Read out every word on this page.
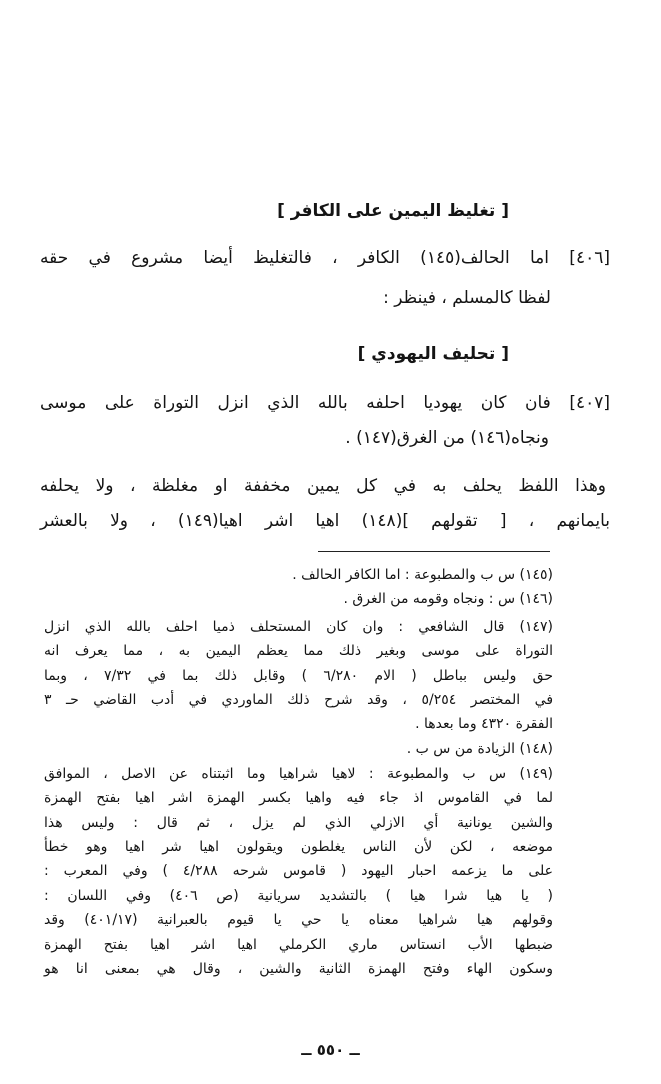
[ تغليظ اليمين على الكافر ]
[٤٠٦] اما الحالف(١٤٥) الكافر ، فالتغليظ أيضا مشروع في حقه
لفظا كالمسلم ، فينظر :
[ تحليف اليهودي ]
[٤٠٧] فان كان يهوديا احلفه بالله الذي انزل التوراة على موسى
ونجاه(١٤٦) من الغرق(١٤٧) .
وهذا اللفظ يحلف به في كل يمين مخففة او مغلظة ، ولا يحلفه
بايمانهم ، [ تقولهم ](١٤٨) اهيا اشر اهيا(١٤٩) ، ولا بالعشر
(١٤٥) س ب والمطبوعة : اما الكافر الحالف .
(١٤٦) س : ونجاه وقومه من الغرق .
(١٤٧) قال الشافعي : وان كان المستحلف ذميا احلف بالله الذي انزل
التوراة على موسى وبغير ذلك مما يعظم اليمين به ، مما يعرف انه
حق وليس بباطل ( الام ٦/٢٨٠ ) وقابل ذلك بما في ٧/٣٢ ، وبما
في المختصر ٥/٢٥٤ ، وقد شرح ذلك الماوردي في أدب القاضي حـ ٣
الفقرة ٤٣٢٠ وما بعدها .
(١٤٨) الزيادة من س ب .
(١٤٩) س ب والمطبوعة : لاهيا شراهيا وما اثبتناه عن الاصل ، الموافق
لما في القاموس اذ جاء فيه واهيا بكسر الهمزة اشر اهيا بفتح الهمزة
والشين يونانية أي الازلي الذي لم يزل ، ثم قال : وليس هذا
موضعه ، لكن لأن الناس يغلطون ويقولون اهيا شر اهيا وهو خطأ
على ما يزعمه احبار اليهود ( قاموس شرحه ٤/٢٨٨ ) وفي المعرب :
( يا هيا شرا هيا ) بالتشديد سريانية (ص ٤٠٦) وفي اللسان :
وقولهم هيا شراهيا معناه يا حي يا قيوم بالعبرانية (٤٠١/١٧) وقد
ضبطها الأب انستاس ماري الكرملي اهيا اشر اهيا بفتح الهمزة
وسكون الهاء وفتح الهمزة الثانية والشين ، وقال هي بمعنى انا هو
ــ ٥٥٠ ــ
